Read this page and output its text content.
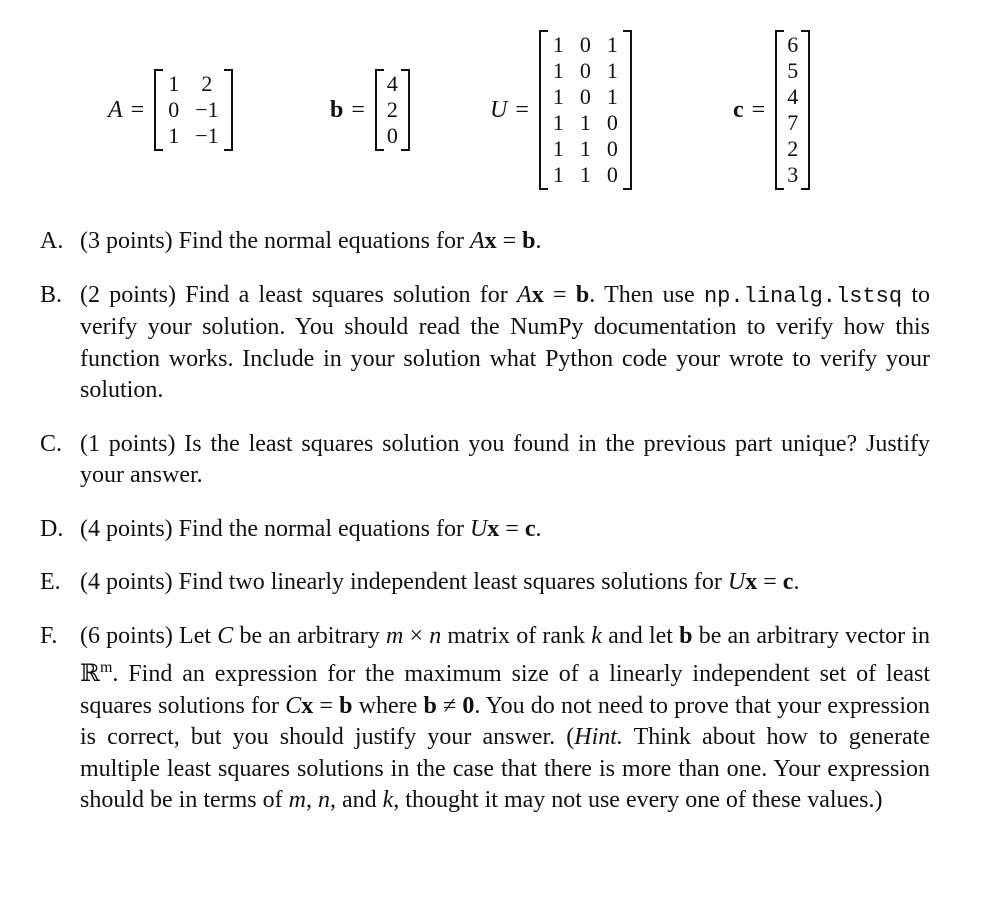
A =
1	2
0	−1
1	−1
b =
4
2
0
U =
1	0	1
1	0	1
1	0	1
1	1	0
1	1	0
1	1	0
c =
6
5
4
7
2
3
A. (3 points) Find the normal equations for Ax = b.
B. (2 points) Find a least squares solution for Ax = b. Then use np.linalg.lstsq to verify your solution. You should read the NumPy documentation to verify how this function works. Include in your solution what Python code your wrote to verify your solution.
C. (1 points) Is the least squares solution you found in the previous part unique? Justify your answer.
D. (4 points) Find the normal equations for Ux = c.
E. (4 points) Find two linearly independent least squares solutions for Ux = c.
F. (6 points) Let C be an arbitrary m × n matrix of rank k and let b be an arbitrary vector in ℝ$^m$. Find an expression for the maximum size of a linearly independent set of least squares solutions for Cx = b where b ≠ 0. You do not need to prove that your expression is correct, but you should justify your answer. (Hint. Think about how to generate multiple least squares solutions in the case that there is more than one. Your expression should be in terms of m, n, and k, thought it may not use every one of these values.)
